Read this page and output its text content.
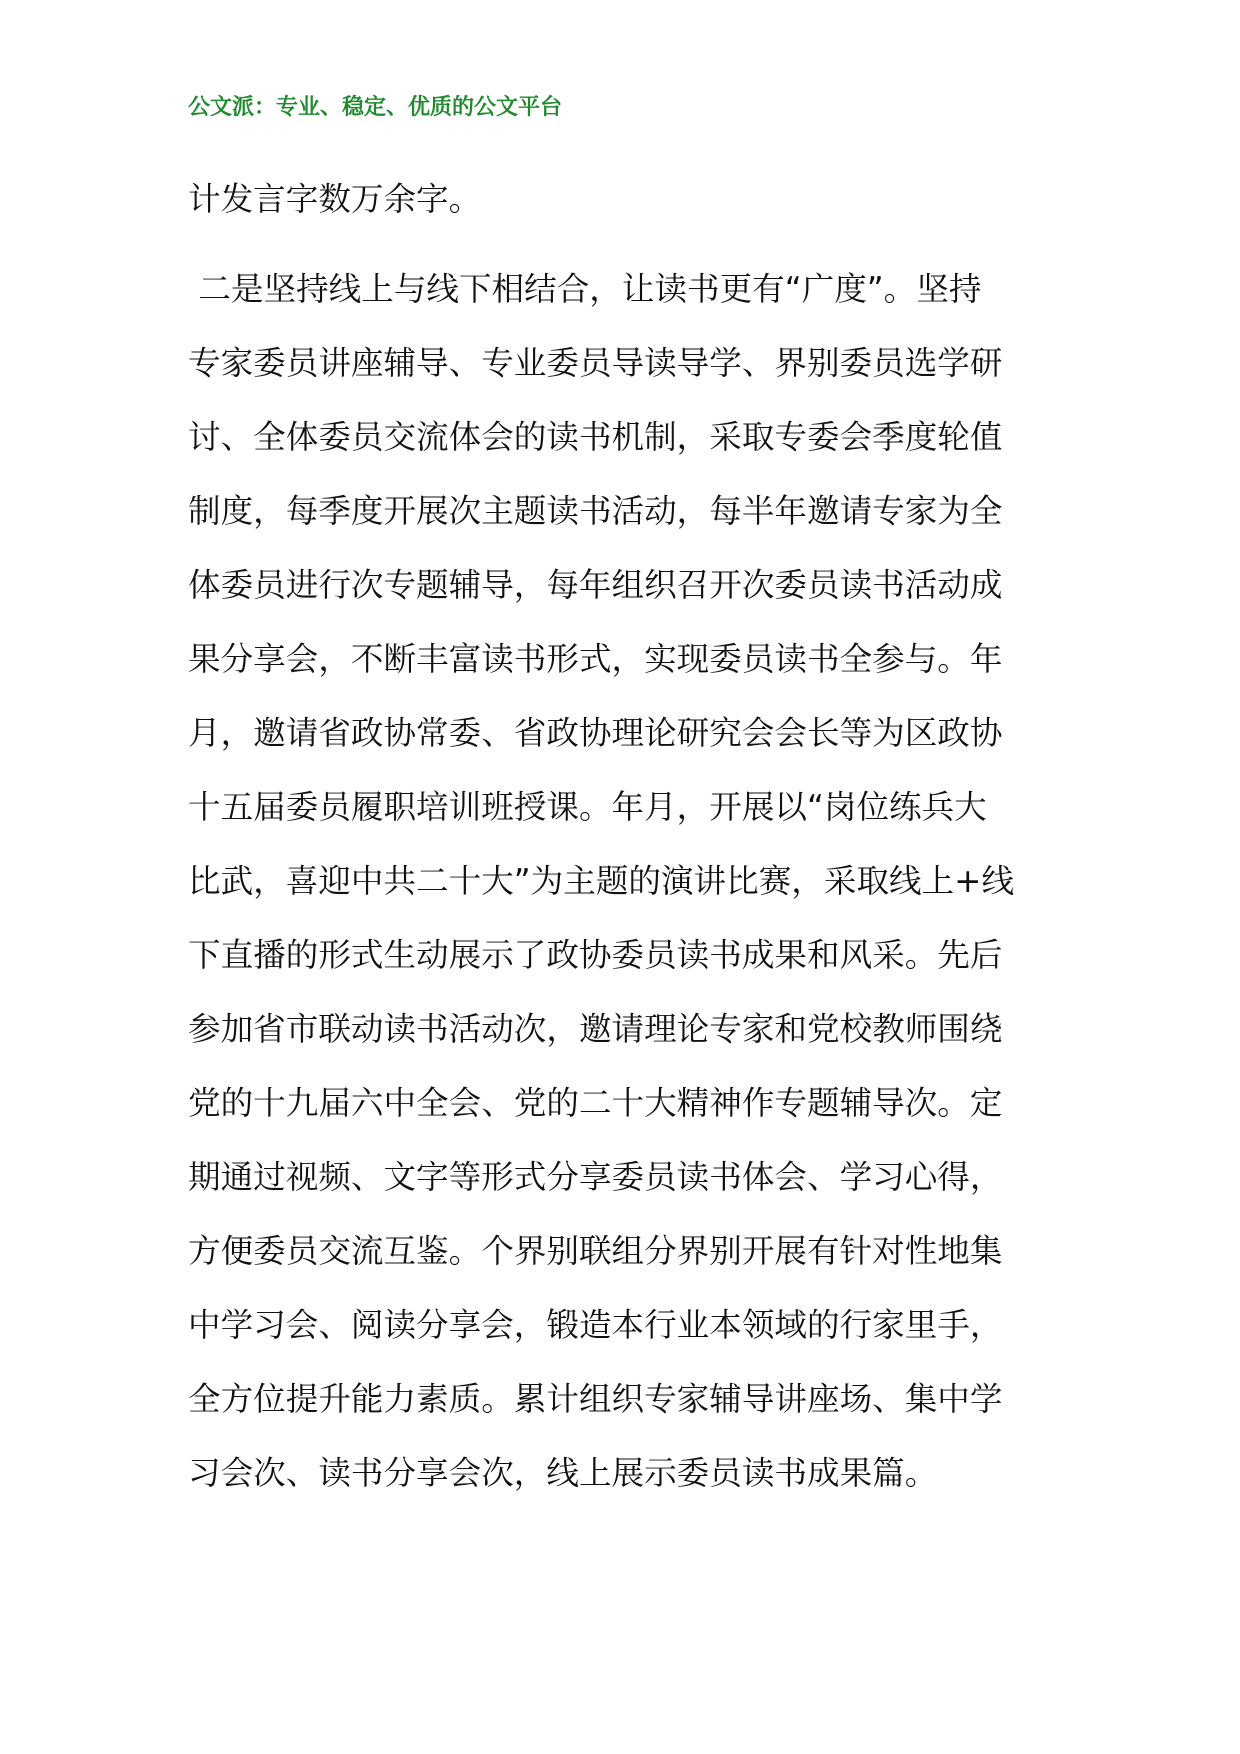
公文派：专业、稳定、优质的公文平台
计发言字数万余字。
二是坚持线上与线下相结合，让读书更有“广度”。坚持
专家委员讲座辅导、专业委员导读导学、界别委员选学研
讨、全体委员交流体会的读书机制，采取专委会季度轮值
制度，每季度开展次主题读书活动，每半年邀请专家为全
体委员进行次专题辅导，每年组织召开次委员读书活动成
果分享会，不断丰富读书形式，实现委员读书全参与。年
月，邀请省政协常委、省政协理论研究会会长等为区政协
十五届委员履职培训班授课。年月，开展以“岗位练兵大
比武，喜迎中共二十大”为主题的演讲比赛，采取线上+线
下直播的形式生动展示了政协委员读书成果和风采。先后
参加省市联动读书活动次，邀请理论专家和党校教师围绕
党的十九届六中全会、党的二十大精神作专题辅导次。定
期通过视频、文字等形式分享委员读书体会、学习心得，
方便委员交流互鉴。个界别联组分界别开展有针对性地集
中学习会、阅读分享会，锻造本行业本领域的行家里手，
全方位提升能力素质。累计组织专家辅导讲座场、集中学
习会次、读书分享会次，线上展示委员读书成果篇。
